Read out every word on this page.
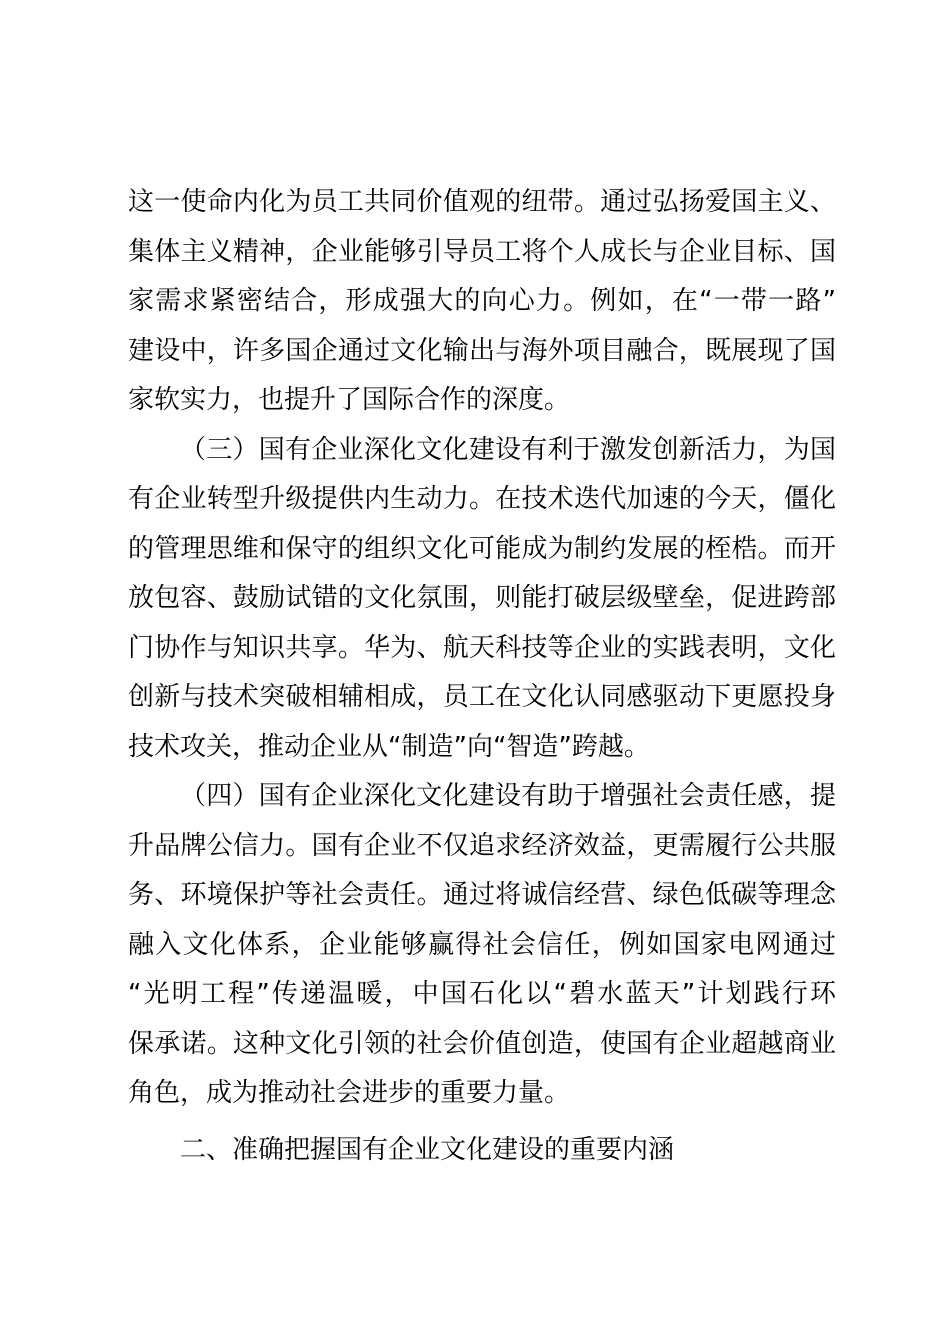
这一使命内化为员工共同价值观的纽带。通过弘扬爱国主义、
集体主义精神，企业能够引导员工将个人成长与企业目标、国
家需求紧密结合，形成强大的向心力。例如，在“一带一路”
建设中，许多国企通过文化输出与海外项目融合，既展现了国
家软实力，也提升了国际合作的深度。
（三）国有企业深化文化建设有利于激发创新活力，为国
有企业转型升级提供内生动力。在技术迭代加速的今天，僵化
的管理思维和保守的组织文化可能成为制约发展的桎梏。而开
放包容、鼓励试错的文化氛围，则能打破层级壁垒，促进跨部
门协作与知识共享。华为、航天科技等企业的实践表明，文化
创新与技术突破相辅相成，员工在文化认同感驱动下更愿投身
技术攻关，推动企业从“制造”向“智造”跨越。
（四）国有企业深化文化建设有助于增强社会责任感，提
升品牌公信力。国有企业不仅追求经济效益，更需履行公共服
务、环境保护等社会责任。通过将诚信经营、绿色低碳等理念
融入文化体系，企业能够赢得社会信任，例如国家电网通过
“光明工程”传递温暖，中国石化以“碧水蓝天”计划践行环
保承诺。这种文化引领的社会价值创造，使国有企业超越商业
角色，成为推动社会进步的重要力量。
二、准确把握国有企业文化建设的重要内涵
